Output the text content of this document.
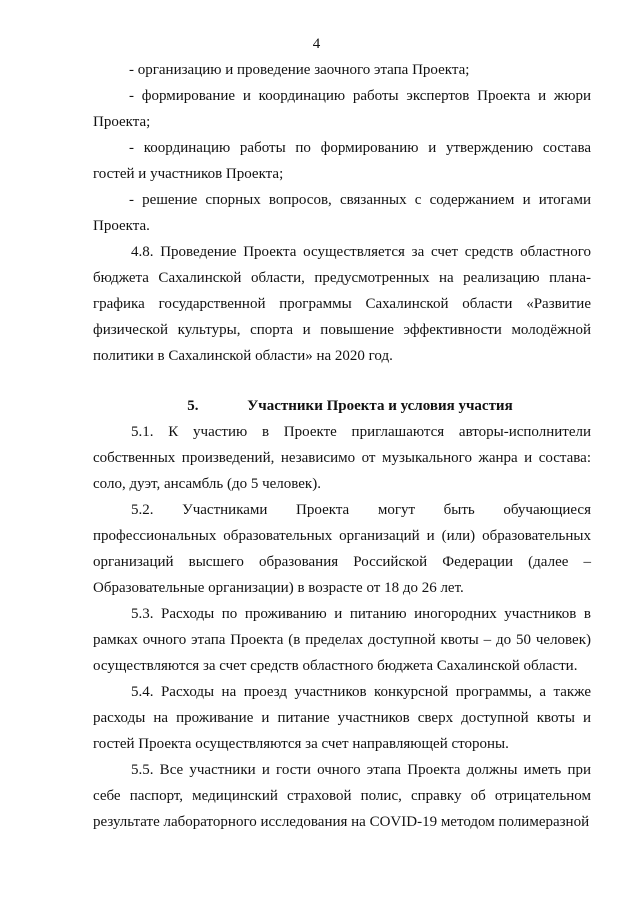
4

- организацию и проведение заочного этапа Проекта;

- формирование и координацию работы экспертов Проекта и жюри Проекта;

- координацию работы по формированию и утверждению состава гостей и участников Проекта;

- решение спорных вопросов, связанных с содержанием и итогами Проекта.

4.8. Проведение Проекта осуществляется за счет средств областного бюджета Сахалинской области, предусмотренных на реализацию плана-графика государственной программы Сахалинской области «Развитие физической культуры, спорта и повышение эффективности молодёжной политики в Сахалинской области» на 2020 год.

5.	Участники Проекта и условия участия

5.1. К участию в Проекте приглашаются авторы-исполнители собственных произведений, независимо от музыкального жанра и состава: соло, дуэт, ансамбль (до 5 человек).

5.2. Участниками Проекта могут быть обучающиеся профессиональных образовательных организаций и (или) образовательных организаций высшего образования Российской Федерации (далее – Образовательные организации) в возрасте от 18 до 26 лет.

5.3. Расходы по проживанию и питанию иногородних участников в рамках очного этапа Проекта (в пределах доступной квоты – до 50 человек) осуществляются за счет средств областного бюджета Сахалинской области.

5.4. Расходы на проезд участников конкурсной программы, а также расходы на проживание и питание участников сверх доступной квоты и гостей Проекта осуществляются за счет направляющей стороны.

5.5. Все участники и гости очного этапа Проекта должны иметь при себе паспорт, медицинский страховой полис, справку об отрицательном результате лабораторного исследования на COVID-19 методом полимеразной
